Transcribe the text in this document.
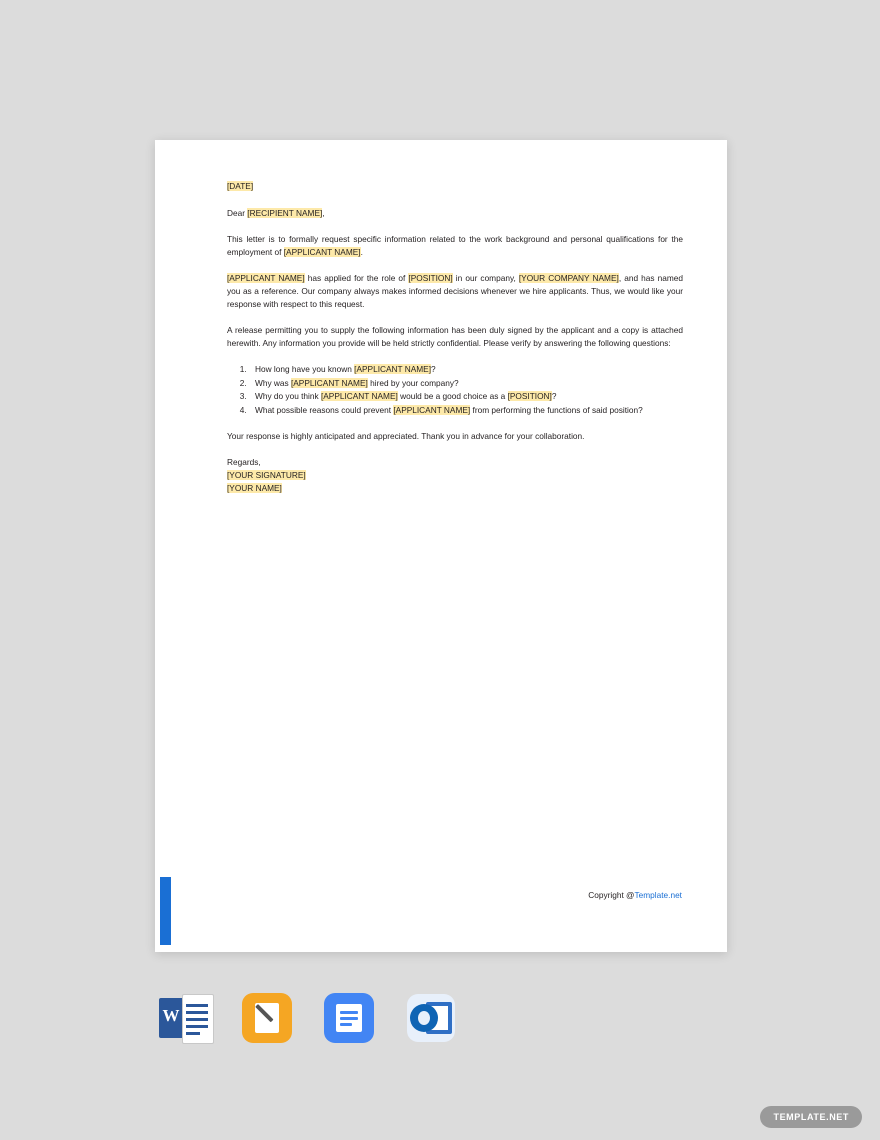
[DATE]
Dear [RECIPIENT NAME],

This letter is to formally request specific information related to the work background and personal qualifications for the employment of [APPLICANT NAME].

[APPLICANT NAME] has applied for the role of [POSITION] in our company, [YOUR COMPANY NAME], and has named you as a reference. Our company always makes informed decisions whenever we hire applicants. Thus, we would like your response with respect to this request.

A release permitting you to supply the following information has been duly signed by the applicant and a copy is attached herewith. Any information you provide will be held strictly confidential. Please verify by answering the following questions:

1. How long have you known [APPLICANT NAME]?
2. Why was [APPLICANT NAME] hired by your company?
3. Why do you think [APPLICANT NAME] would be a good choice as a [POSITION]?
4. What possible reasons could prevent [APPLICANT NAME] from performing the functions of said position?

Your response is highly anticipated and appreciated. Thank you in advance for your collaboration.

Regards,

[YOUR SIGNATURE]

[YOUR NAME]

Copyright @Template.net
W
TEMPLATE.NET
